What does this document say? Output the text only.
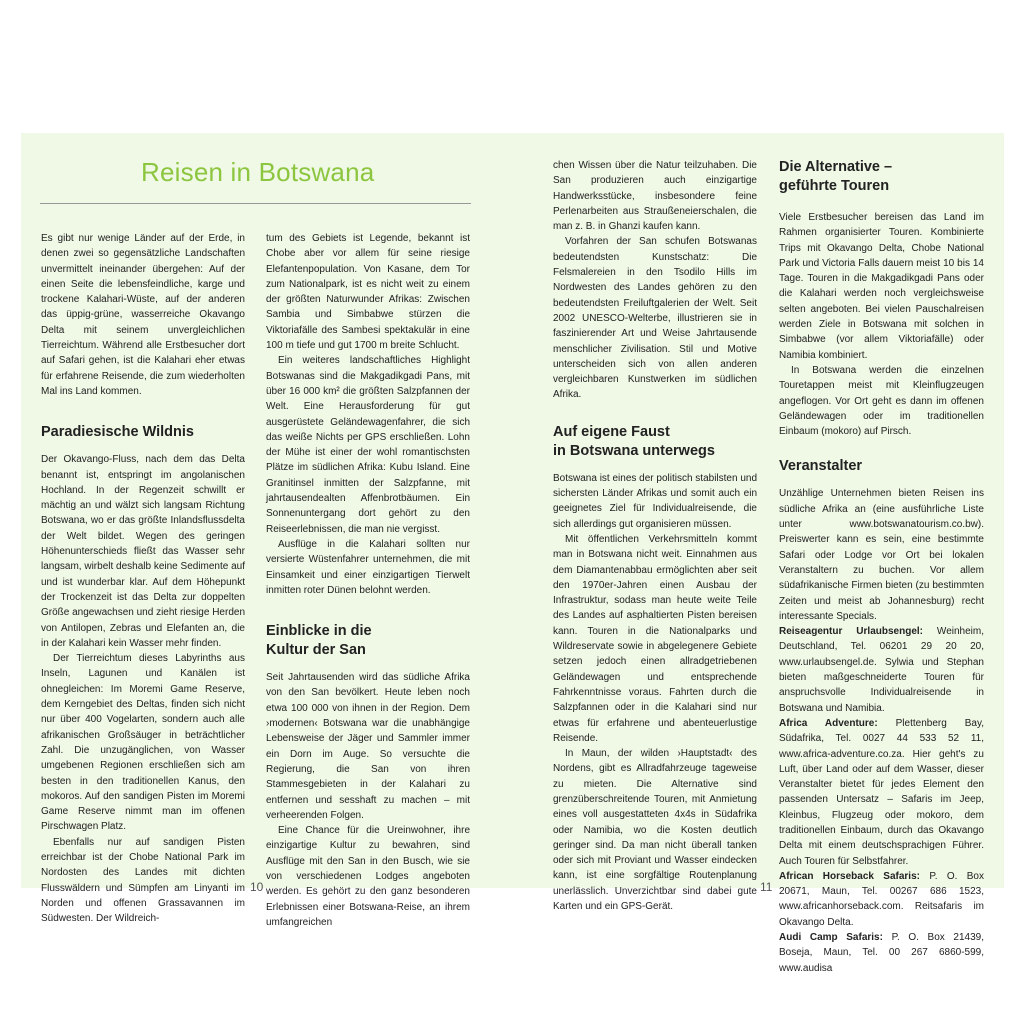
Reisen in Botswana

Es gibt nur wenige Länder auf der Erde, in denen zwei so gegensätzliche Landschaften unvermittelt ineinander übergehen: Auf der einen Seite die lebensfeindliche, karge und trockene Kalahari-Wüste, auf der anderen das üppig-grüne, wasserreiche Okavango Delta mit seinem unvergleichlichen Tierreichtum. Während alle Erstbesucher dort auf Safari gehen, ist die Kalahari eher etwas für erfahrene Reisende, die zum wiederholten Mal ins Land kommen.

Paradiesische Wildnis

Der Okavango-Fluss, nach dem das Delta benannt ist, entspringt im angolanischen Hochland. In der Regenzeit schwillt er mächtig an und wälzt sich langsam Richtung Botswana, wo er das größte Inlandsflussdelta der Welt bildet. Wegen des geringen Höhenunterschieds fließt das Wasser sehr langsam, wirbelt deshalb keine Sedimente auf und ist wunderbar klar. Auf dem Höhepunkt der Trockenzeit ist das Delta zur doppelten Größe angewachsen und zieht riesige Herden von Antilopen, Zebras und Elefanten an, die in der Kalahari kein Wasser mehr finden.

Der Tierreichtum dieses Labyrinths aus Inseln, Lagunen und Kanälen ist ohnegleichen: Im Moremi Game Reserve, dem Kerngebiet des Deltas, finden sich nicht nur über 400 Vogelarten, sondern auch alle afrikanischen Großsäuger in beträchtlicher Zahl. Die unzugänglichen, von Wasser umgebenen Regionen erschließen sich am besten in den traditionellen Kanus, den mokoros. Auf den sandigen Pisten im Moremi Game Reserve nimmt man im offenen Pirschwagen Platz.

Ebenfalls nur auf sandigen Pisten erreichbar ist der Chobe National Park im Nordosten des Landes mit dichten Flusswäldern und Sümpfen am Linyanti im Norden und offenen Grassavannen im Südwesten. Der Wildreich-

tum des Gebiets ist Legende, bekannt ist Chobe aber vor allem für seine riesige Elefantenpopulation. Von Kasane, dem Tor zum Nationalpark, ist es nicht weit zu einem der größten Naturwunder Afrikas: Zwischen Sambia und Simbabwe stürzen die Viktoriafälle des Sambesi spektakulär in eine 100 m tiefe und gut 1700 m breite Schlucht.

Ein weiteres landschaftliches Highlight Botswanas sind die Makgadikgadi Pans, mit über 16 000 km² die größten Salzpfannen der Welt. Eine Herausforderung für gut ausgerüstete Geländewagenfahrer, die sich das weiße Nichts per GPS erschließen. Lohn der Mühe ist einer der wohl romantischsten Plätze im südlichen Afrika: Kubu Island. Eine Granitinsel inmitten der Salzpfanne, mit jahrtausendealten Affenbrotbäumen. Ein Sonnenuntergang dort gehört zu den Reiseerlebnissen, die man nie vergisst.

Ausflüge in die Kalahari sollten nur versierte Wüstenfahrer unternehmen, die mit Einsamkeit und einer einzigartigen Tierwelt inmitten roter Dünen belohnt werden.

Einblicke in die
Kultur der San

Seit Jahrtausenden wird das südliche Afrika von den San bevölkert. Heute leben noch etwa 100 000 von ihnen in der Region. Dem ›modernen‹ Botswana war die unabhängige Lebensweise der Jäger und Sammler immer ein Dorn im Auge. So versuchte die Regierung, die San von ihren Stammesgebieten in der Kalahari zu entfernen und sesshaft zu machen – mit verheerenden Folgen.

Eine Chance für die Ureinwohner, ihre einzigartige Kultur zu bewahren, sind Ausflüge mit den San in den Busch, wie sie von verschiedenen Lodges angeboten werden. Es gehört zu den ganz besonderen Erlebnissen einer Botswana-Reise, an ihrem umfangreichen

10

chen Wissen über die Natur teilzuhaben. Die San produzieren auch einzigartige Handwerksstücke, insbesondere feine Perlenarbeiten aus Straußeneierschalen, die man z. B. in Ghanzi kaufen kann.

Vorfahren der San schufen Botswanas bedeutendsten Kunstschatz: Die Felsmalereien in den Tsodilo Hills im Nordwesten des Landes gehören zu den bedeutendsten Freiluftgalerien der Welt. Seit 2002 UNESCO-Welterbe, illustrieren sie in faszinierender Art und Weise Jahrtausende menschlicher Zivilisation. Stil und Motive unterscheiden sich von allen anderen vergleichbaren Kunstwerken im südlichen Afrika.

Auf eigene Faust
in Botswana unterwegs

Botswana ist eines der politisch stabilsten und sichersten Länder Afrikas und somit auch ein geeignetes Ziel für Individualreisende, die sich allerdings gut organisieren müssen.

Mit öffentlichen Verkehrsmitteln kommt man in Botswana nicht weit. Einnahmen aus dem Diamantenabbau ermöglichten aber seit den 1970er-Jahren einen Ausbau der Infrastruktur, sodass man heute weite Teile des Landes auf asphaltierten Pisten bereisen kann. Touren in die Nationalparks und Wildreservate sowie in abgelegenere Gebiete setzen jedoch einen allradgetriebenen Geländewagen und entsprechende Fahrkenntnisse voraus. Fahrten durch die Salzpfannen oder in die Kalahari sind nur etwas für erfahrene und abenteuerlustige Reisende.

In Maun, der wilden ›Hauptstadt‹ des Nordens, gibt es Allradfahrzeuge tageweise zu mieten. Die Alternative sind grenzüberschreitende Touren, mit Anmietung eines voll ausgestatteten 4x4s in Südafrika oder Namibia, wo die Kosten deutlich geringer sind. Da man nicht überall tanken oder sich mit Proviant und Wasser eindecken kann, ist eine sorgfältige Routenplanung unerlässlich. Unverzichtbar sind dabei gute Karten und ein GPS-Gerät.

Die Alternative –
geführte Touren

Viele Erstbesucher bereisen das Land im Rahmen organisierter Touren. Kombinierte Trips mit Okavango Delta, Chobe National Park und Victoria Falls dauern meist 10 bis 14 Tage. Touren in die Makgadikgadi Pans oder die Kalahari werden noch vergleichsweise selten angeboten. Bei vielen Pauschalreisen werden Ziele in Botswana mit solchen in Simbabwe (vor allem Viktoriafälle) oder Namibia kombiniert.

In Botswana werden die einzelnen Touretappen meist mit Kleinflugzeugen angeflogen. Vor Ort geht es dann im offenen Geländewagen oder im traditionellen Einbaum (mokoro) auf Pirsch.

Veranstalter

Unzählige Unternehmen bieten Reisen ins südliche Afrika an (eine ausführliche Liste unter www.botswanatourism.co.bw). Preiswerter kann es sein, eine bestimmte Safari oder Lodge vor Ort bei lokalen Veranstaltern zu buchen. Vor allem südafrikanische Firmen bieten (zu bestimmten Zeiten und meist ab Johannesburg) recht interessante Specials.

Reiseagentur Urlaubsengel: Weinheim, Deutschland, Tel. 06201 29 20 20, www.urlaubsengel.de. Sylwia und Stephan bieten maßgeschneiderte Touren für anspruchsvolle Individualreisende in Botswana und Namibia.

Africa Adventure: Plettenberg Bay, Südafrika, Tel. 0027 44 533 52 11, www.africa-adventure.co.za. Hier geht's zu Luft, über Land oder auf dem Wasser, dieser Veranstalter bietet für jedes Element den passenden Untersatz – Safaris im Jeep, Kleinbus, Flugzeug oder mokoro, dem traditionellen Einbaum, durch das Okavango Delta mit einem deutschsprachigen Führer. Auch Touren für Selbstfahrer.

African Horseback Safaris: P. O. Box 20671, Maun, Tel. 00267 686 1523, www.africanhorseback.com. Reitsafaris im Okavango Delta.

Audi Camp Safaris: P. O. Box 21439, Boseja, Maun, Tel. 00 267 6860-599, www.audisa

11
